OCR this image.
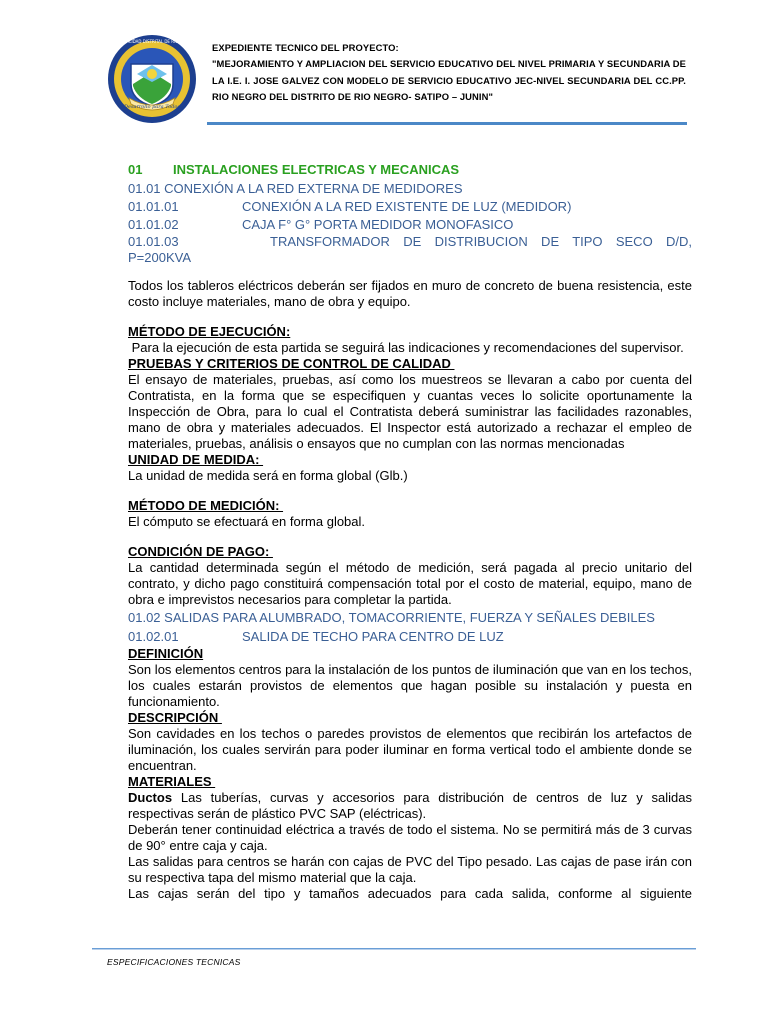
MUNICIPALIDAD DISTRITAL DE RIO NEGRO
Desarrollo para Todos
EXPEDIENTE TECNICO DEL PROYECTO:
"MEJORAMIENTO Y AMPLIACION DEL SERVICIO EDUCATIVO DEL NIVEL PRIMARIA Y SECUNDARIA DE LA I.E. I. JOSE GALVEZ CON MODELO DE SERVICIO EDUCATIVO JEC-NIVEL SECUNDARIA DEL CC.PP. RIO NEGRO DEL DISTRITO DE RIO NEGRO- SATIPO – JUNIN"
01	INSTALACIONES ELECTRICAS Y MECANICAS
01.01 CONEXIÓN A LA RED EXTERNA DE MEDIDORES
01.01.01	CONEXIÓN A LA RED EXISTENTE DE LUZ (MEDIDOR)
01.01.02	CAJA F° G° PORTA MEDIDOR MONOFASICO
01.01.03	TRANSFORMADOR DE DISTRIBUCION DE TIPO SECO D/D,
P=200KVA

Todos los tableros eléctricos deberán ser fijados en muro de concreto de buena resistencia, este costo incluye materiales, mano de obra y equipo.

MÉTODO DE EJECUCIÓN:

Para la ejecución de esta partida se seguirá las indicaciones y recomendaciones del supervisor.

PRUEBAS Y CRITERIOS DE CONTROL DE CALIDAD

El ensayo de materiales, pruebas, así como los muestreos se llevaran a cabo por cuenta del Contratista, en la forma que se especifiquen y cuantas veces lo solicite oportunamente la Inspección de Obra, para lo cual el Contratista deberá suministrar las facilidades razonables, mano de obra y materiales adecuados. El Inspector está autorizado a rechazar el empleo de materiales, pruebas, análisis o ensayos que no cumplan con las normas mencionadas

UNIDAD DE MEDIDA:

La unidad de medida será en forma global (Glb.)

MÉTODO DE MEDICIÓN:

El cómputo se efectuará en forma global.

CONDICIÓN DE PAGO:

La cantidad determinada según el método de medición, será pagada al precio unitario del contrato, y dicho pago constituirá compensación total por el costo de material, equipo, mano de obra e imprevistos necesarios para completar la partida.

01.02 SALIDAS PARA ALUMBRADO, TOMACORRIENTE, FUERZA Y SEÑALES DEBILES

01.02.01	SALIDA DE TECHO PARA CENTRO DE LUZ
DEFINICIÓN

Son los elementos centros para la instalación de los puntos de iluminación que van en los techos, los cuales estarán provistos de elementos que hagan posible su instalación y puesta en funcionamiento.

DESCRIPCIÓN

Son cavidades en los techos o paredes provistos de elementos que recibirán los artefactos de iluminación, los cuales servirán para poder iluminar en forma vertical todo el ambiente donde se encuentran.

MATERIALES

Ductos Las tuberías, curvas y accesorios para distribución de centros de luz y salidas respectivas serán de plástico PVC SAP (eléctricas).

Deberán tener continuidad eléctrica a través de todo el sistema. No se permitirá más de 3 curvas de 90° entre caja y caja.

Las salidas para centros se harán con cajas de PVC del Tipo pesado. Las cajas de pase irán con su respectiva tapa del mismo material que la caja.

Las cajas serán del tipo y tamaños adecuados para cada salida, conforme al siguiente

ESPECIFICACIONES TECNICAS
